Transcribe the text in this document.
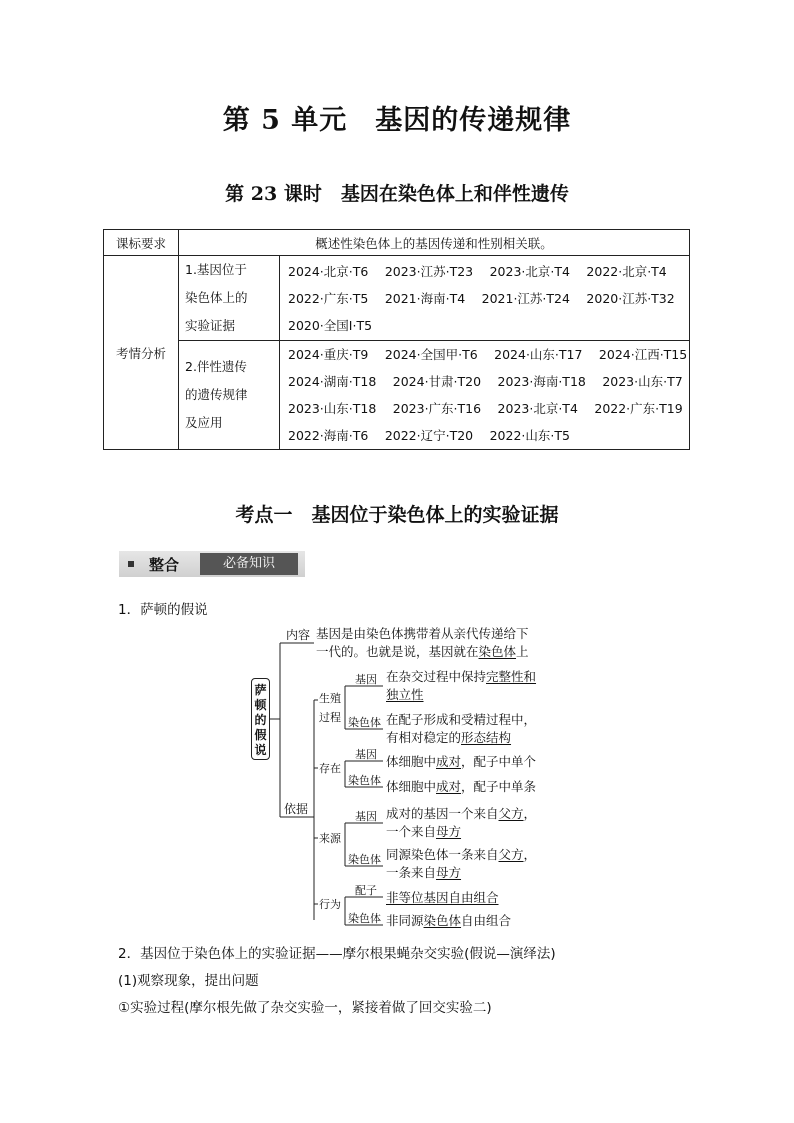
第 5 单元　基因的传递规律
第 23 课时　基因在染色体上和伴性遗传
课标要求	概述性染色体上的基因传递和性别相关联。	
考情分析	1.基因位于
染色体上的
实验证据	2024·北京·T6　 2023·江苏·T23　 2023·北京·T4　 2022·北京·T4
2022·广东·T5　 2021·海南·T4　 2021·江苏·T24　 2020·江苏·T32
2020·全国Ⅰ·T5

	2.伴性遗传
的遗传规律
及应用	2024·重庆·T9　 2024·全国甲·T6　 2024·山东·T17　 2024·江西·T15
2024·湖南·T18　 2024·甘肃·T20　 2023·海南·T18　 2023·山东·T7
2023·山东·T18　 2023·广东·T16　 2023·北京·T4　 2022·广东·T19
2022·海南·T6　 2022·辽宁·T20　 2022·山东·T5
考点一　基因位于染色体上的实验证据
整合	必备知识
1．萨顿的假说
萨
顿
的
假
说
内容 基因是由染色体携带着从亲代传递给下
一代的。也就是说，基因就在染色体上
依据
生殖
过程
基因
染色体
在杂交过程中保持完整性和
独立性
在配子形成和受精过程中，
有相对稳定的形态结构
存在
基因
染色体
体细胞中成对，配子中单个
体细胞中成对，配子中单条
来源
基因
染色体
成对的基因一个来自父方，
一个来自母方
同源染色体一条来自父方，
一条来自母方
行为
配子
染色体
非等位基因自由组合
非同源染色体自由组合
2．基因位于染色体上的实验证据——摩尔根果蝇杂交实验(假说—演绎法)
(1)观察现象，提出问题
①实验过程(摩尔根先做了杂交实验一，紧接着做了回交实验二)
